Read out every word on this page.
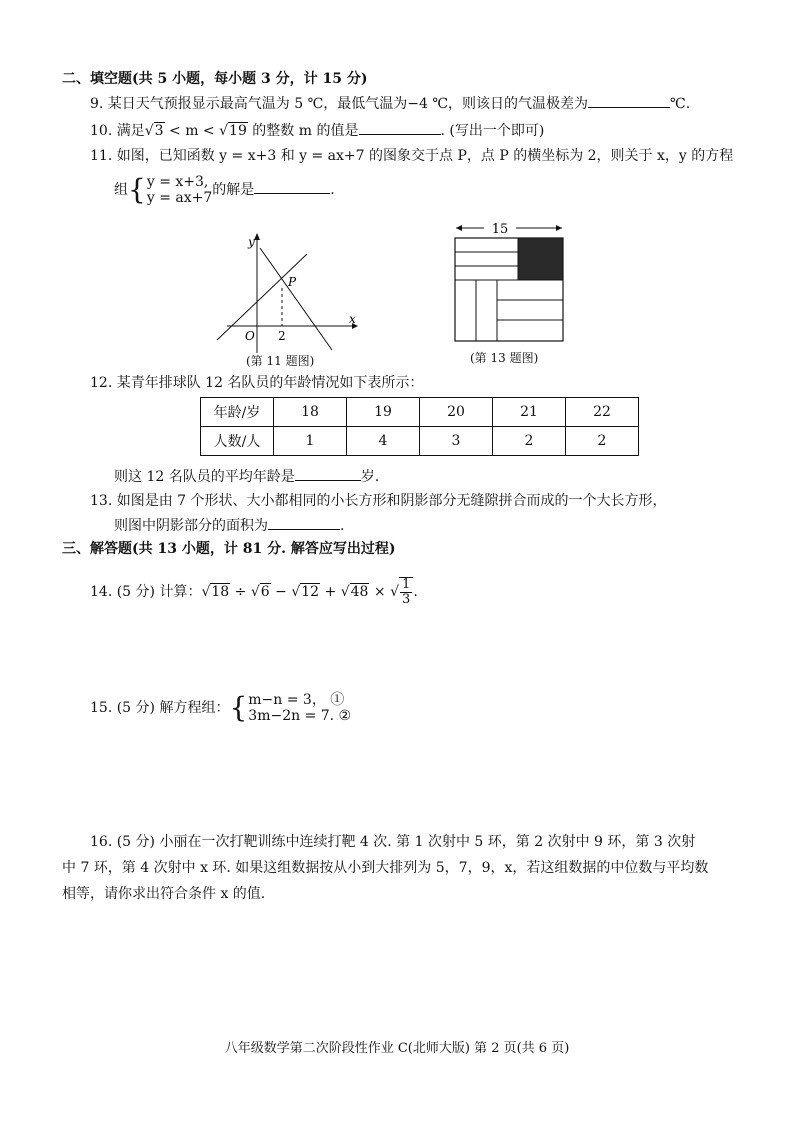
二、填空题(共 5 小题，每小题 3 分，计 15 分)
9. 某日天气预报显示最高气温为 5 ℃，最低气温为−4 ℃，则该日的气温极差为	℃.
10. 满足√3 < m < √19 的整数 m 的值是	. (写出一个即可)
11. 如图，已知函数 y = x+3 和 y = ax+7 的图象交于点 P，点 P 的横坐标为 2，则关于 x，y 的方程
组{y = x+3,
y = ax+7的解是	.
y
x
O 2
P
(第 11 题图)
15
(第 13 题图)
12. 某青年排球队 12 名队员的年龄情况如下表所示：
年龄/岁	18	19	20	21	22
人数/人	1	4	3	2	2
则这 12 名队员的平均年龄是	岁.
13. 如图是由 7 个形状、大小都相同的小长方形和阴影部分无缝隙拼合而成的一个大长方形，
则图中阴影部分的面积为	.
三、解答题(共 13 小题，计 81 分. 解答应写出过程)
14. (5 分) 计算：√18 ÷ √6 − √12 + √48 × √ $\frac{1}{3}$ .
15. (5 分) 解方程组：{m−n = 3， ①
3m−2n = 7. ②
16. (5 分) 小丽在一次打靶训练中连续打靶 4 次. 第 1 次射中 5 环，第 2 次射中 9 环，第 3 次射
中 7 环，第 4 次射中 x 环. 如果这组数据按从小到大排列为 5，7，9，x，若这组数据的中位数与平均数
相等，请你求出符合条件 x 的值.
八年级数学第二次阶段性作业 C(北师大版) 第 2 页(共 6 页)
